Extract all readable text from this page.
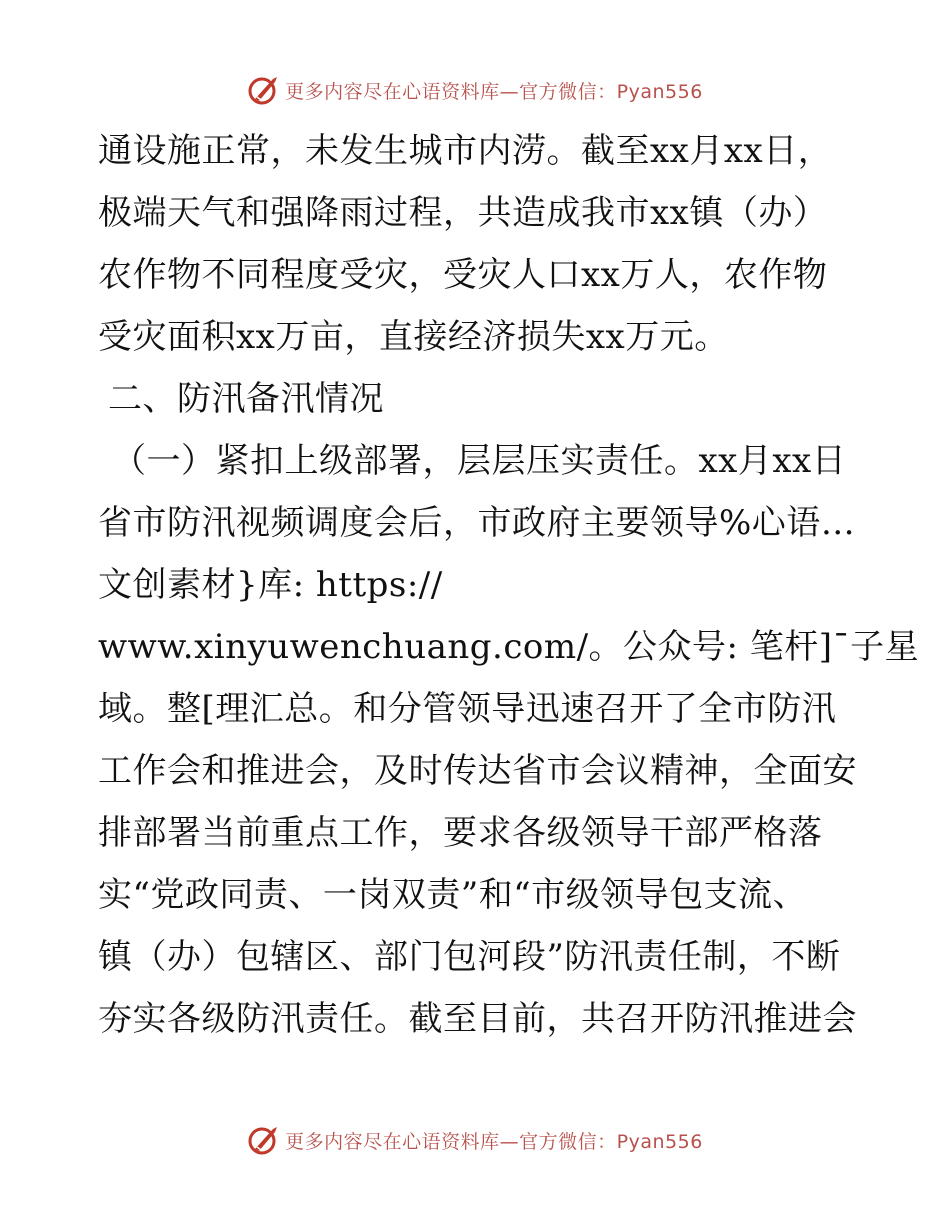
更多内容尽在心语资料库—官方微信：Pyan556
通设施正常，未发生城市内涝。截至xx月xx日，
极端天气和强降雨过程，共造成我市xx镇（办）
农作物不同程度受灾，受灾人口xx万人，农作物
受灾面积xx万亩，直接经济损失xx万元。
二、防汛备汛情况
（一）紧扣上级部署，层层压实责任。xx月xx日
省市防汛视频调度会后，市政府主要领导%心语…
文创素材}库: https://
www.xinyuwenchuang.com/。公众号: 笔杆]¯子星
域。整[理汇总。和分管领导迅速召开了全市防汛
工作会和推进会，及时传达省市会议精神，全面安
排部署当前重点工作，要求各级领导干部严格落
实“党政同责、一岗双责”和“市级领导包支流、
镇（办）包辖区、部门包河段”防汛责任制，不断
夯实各级防汛责任。截至目前，共召开防汛推进会
更多内容尽在心语资料库—官方微信：Pyan556
